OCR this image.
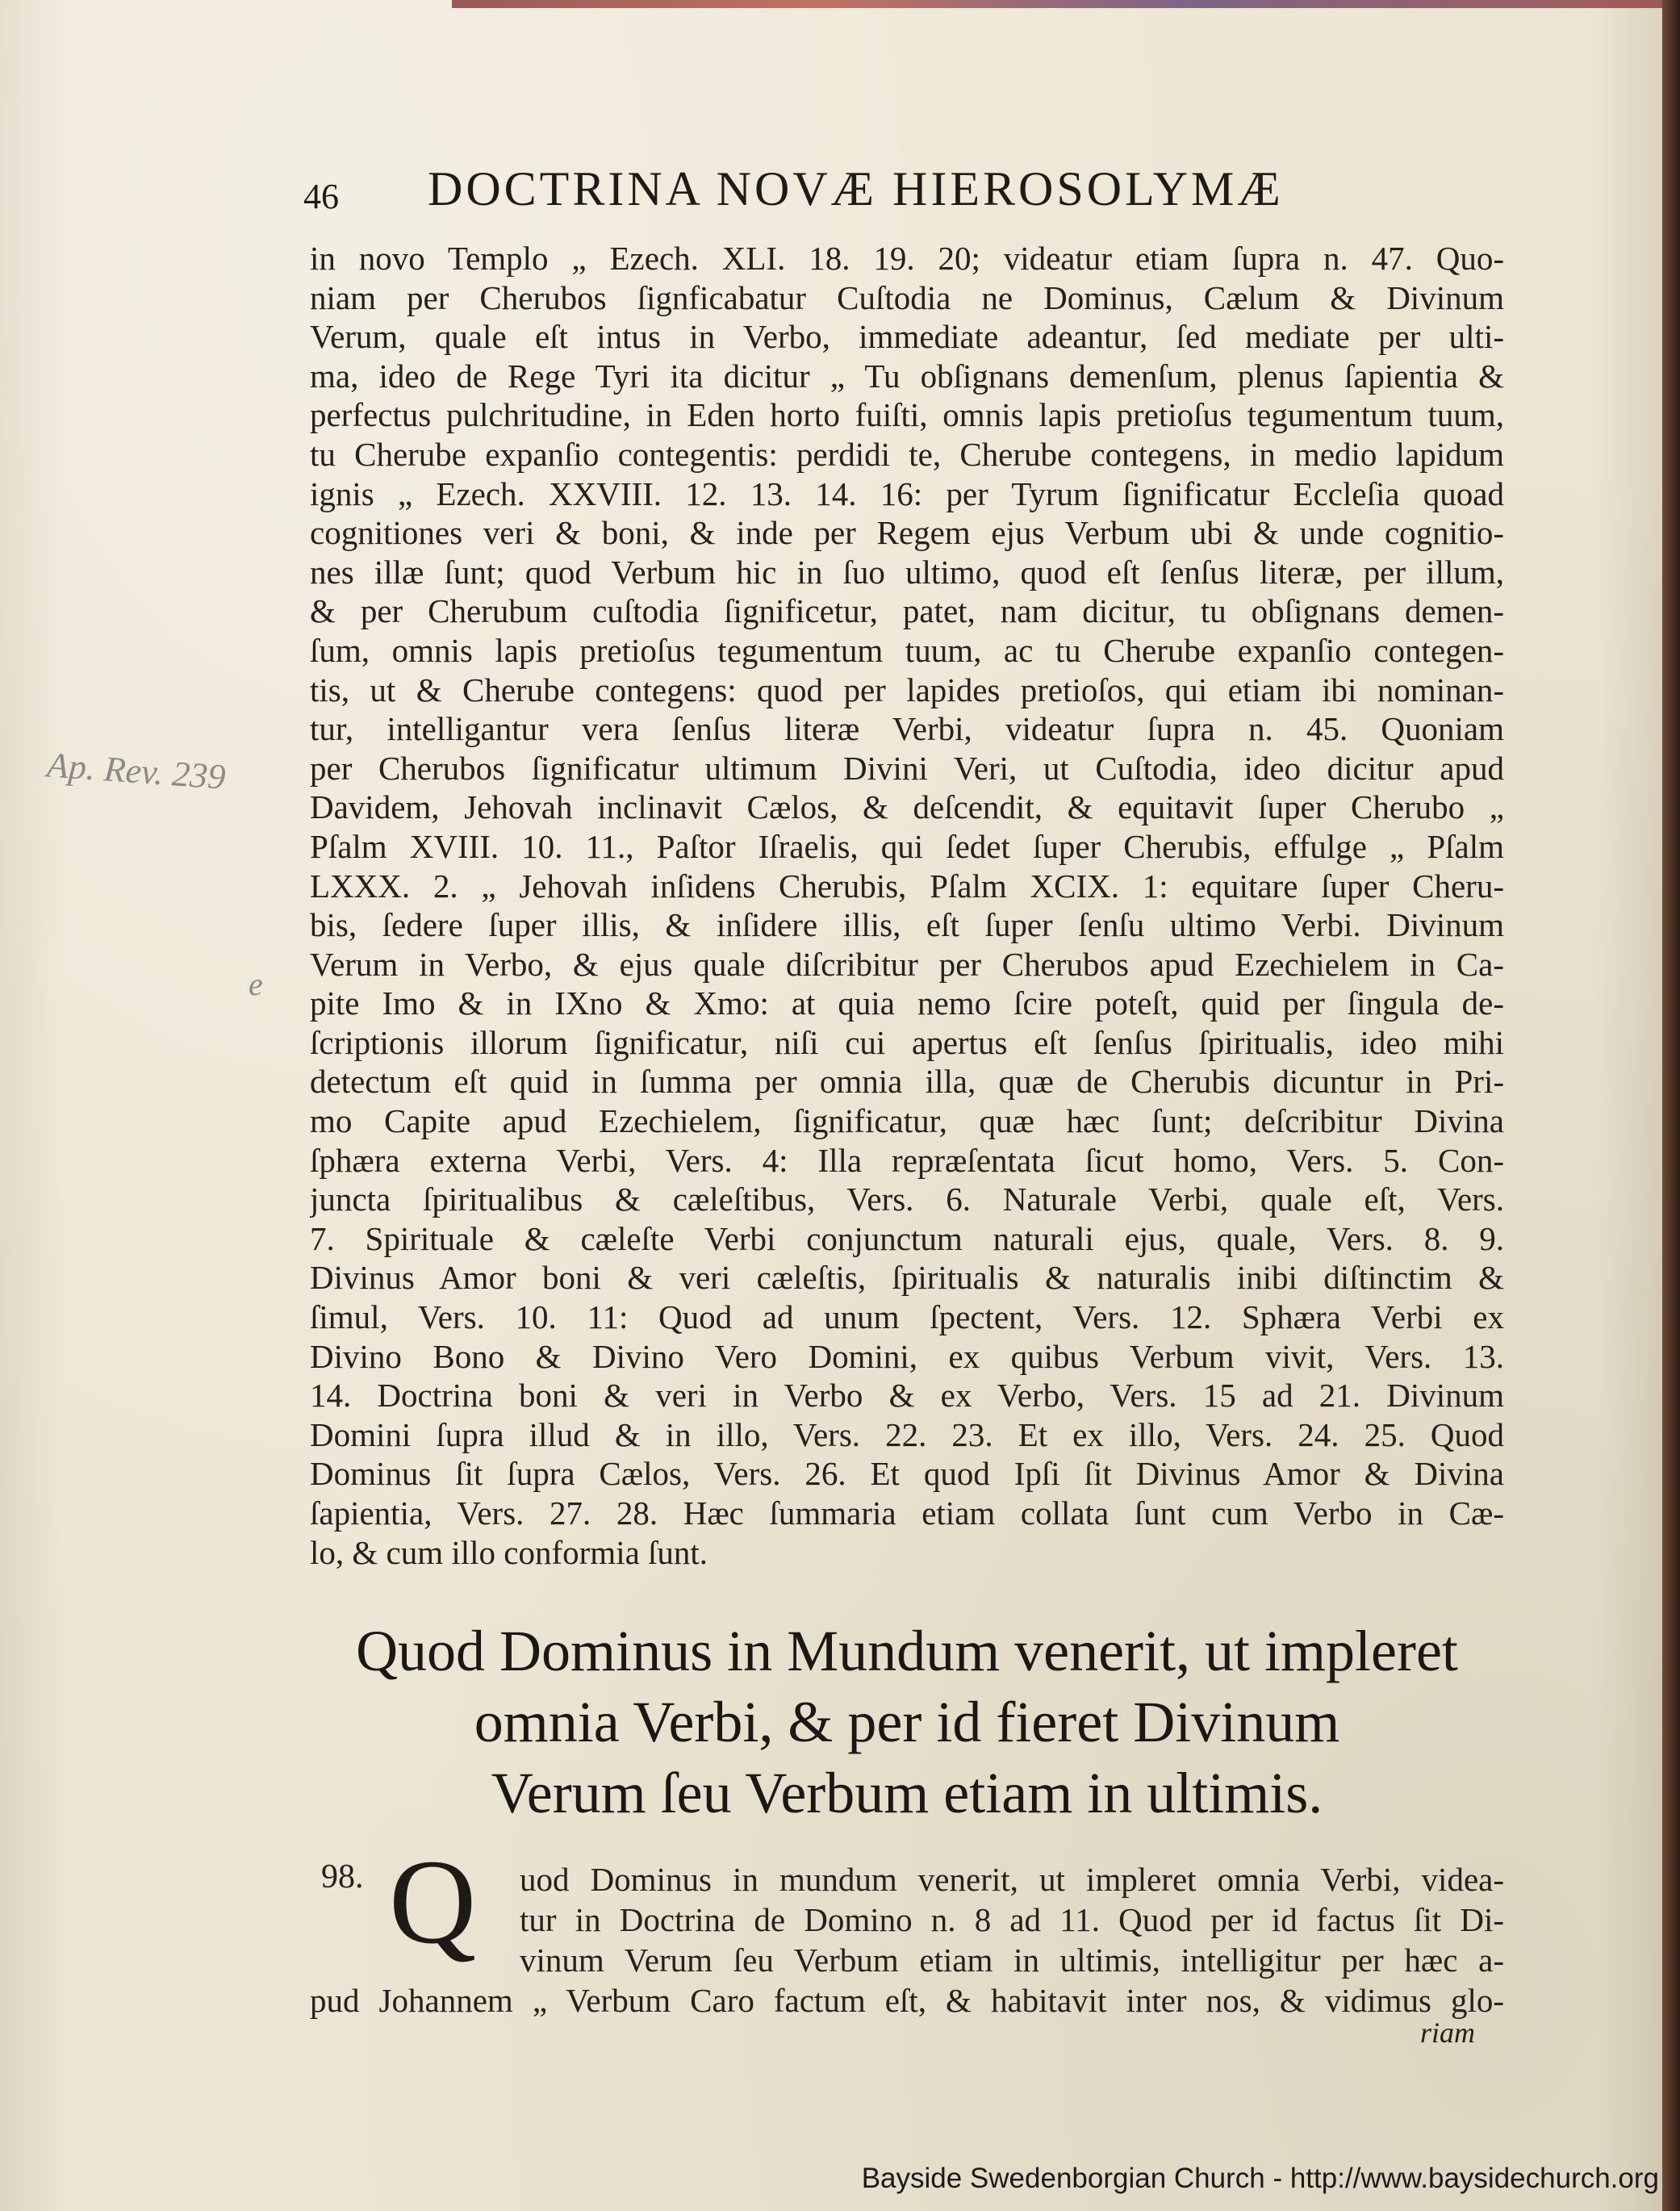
46 DOCTRINA NOVÆ HIEROSOLYMÆ
Ap. Rev. 239
e
in novo Templo „ Ezech. XLI. 18. 19. 20; videatur etiam ſupra n. 47. Quo-
niam per Cherubos ſignficabatur Cuſtodia ne Dominus, Cælum & Divinum
Verum, quale eſt intus in Verbo, immediate adeantur, ſed mediate per ulti-
ma, ideo de Rege Tyri ita dicitur „ Tu obſignans demenſum, plenus ſapientia &
perfectus pulchritudine, in Eden horto fuiſti, omnis lapis pretioſus tegumentum tuum,
tu Cherube expanſio contegentis: perdidi te, Cherube contegens, in medio lapidum
ignis „ Ezech. XXVIII. 12. 13. 14. 16: per Tyrum ſignificatur Eccleſia quoad
cognitiones veri & boni, & inde per Regem ejus Verbum ubi & unde cognitio-
nes illæ ſunt; quod Verbum hic in ſuo ultimo, quod eſt ſenſus literæ, per illum,
& per Cherubum cuſtodia ſignificetur, patet, nam dicitur, tu obſignans demen-
ſum, omnis lapis pretioſus tegumentum tuum, ac tu Cherube expanſio contegen-
tis, ut & Cherube contegens: quod per lapides pretioſos, qui etiam ibi nominan-
tur, intelligantur vera ſenſus literæ Verbi, videatur ſupra n. 45. Quoniam
per Cherubos ſignificatur ultimum Divini Veri, ut Cuſtodia, ideo dicitur apud
Davidem, Jehovah inclinavit Cælos, & deſcendit, & equitavit ſuper Cherubo „
Pſalm XVIII. 10. 11., Paſtor Iſraelis, qui ſedet ſuper Cherubis, effulge „ Pſalm
LXXX. 2. „ Jehovah inſidens Cherubis, Pſalm XCIX. 1: equitare ſuper Cheru-
bis, ſedere ſuper illis, & inſidere illis, eſt ſuper ſenſu ultimo Verbi. Divinum
Verum in Verbo, & ejus quale diſcribitur per Cherubos apud Ezechielem in Ca-
pite Imo & in IXno & Xmo: at quia nemo ſcire poteſt, quid per ſingula de-
ſcriptionis illorum ſignificatur, niſi cui apertus eſt ſenſus ſpiritualis, ideo mihi
detectum eſt quid in ſumma per omnia illa, quæ de Cherubis dicuntur in Pri-
mo Capite apud Ezechielem, ſignificatur, quæ hæc ſunt; deſcribitur Divina
ſphæra externa Verbi, Vers. 4: Illa repræſentata ſicut homo, Vers. 5. Con-
juncta ſpiritualibus & cæleſtibus, Vers. 6. Naturale Verbi, quale eſt, Vers.
7. Spirituale & cæleſte Verbi conjunctum naturali ejus, quale, Vers. 8. 9.
Divinus Amor boni & veri cæleſtis, ſpiritualis & naturalis inibi diſtinctim &
ſimul, Vers. 10. 11: Quod ad unum ſpectent, Vers. 12. Sphæra Verbi ex
Divino Bono & Divino Vero Domini, ex quibus Verbum vivit, Vers. 13.
14. Doctrina boni & veri in Verbo & ex Verbo, Vers. 15 ad 21. Divinum
Domini ſupra illud & in illo, Vers. 22. 23. Et ex illo, Vers. 24. 25. Quod
Dominus ſit ſupra Cælos, Vers. 26. Et quod Ipſi ſit Divinus Amor & Divina
ſapientia, Vers. 27. 28. Hæc ſummaria etiam collata ſunt cum Verbo in Cæ-
lo, & cum illo conformia ſunt.
Quod Dominus in Mundum venerit, ut impleret
omnia Verbi, & per id fieret Divinum
Verum ſeu Verbum etiam in ultimis.
98. Q uod Dominus in mundum venerit, ut impleret omnia Verbi, videa-
tur in Doctrina de Domino n. 8 ad 11. Quod per id factus ſit Di-
vinum Verum ſeu Verbum etiam in ultimis, intelligitur per hæc a-
pud Johannem „ Verbum Caro factum eſt, & habitavit inter nos, & vidimus glo-
riam
Bayside Swedenborgian Church - http://www.baysidechurch.org
